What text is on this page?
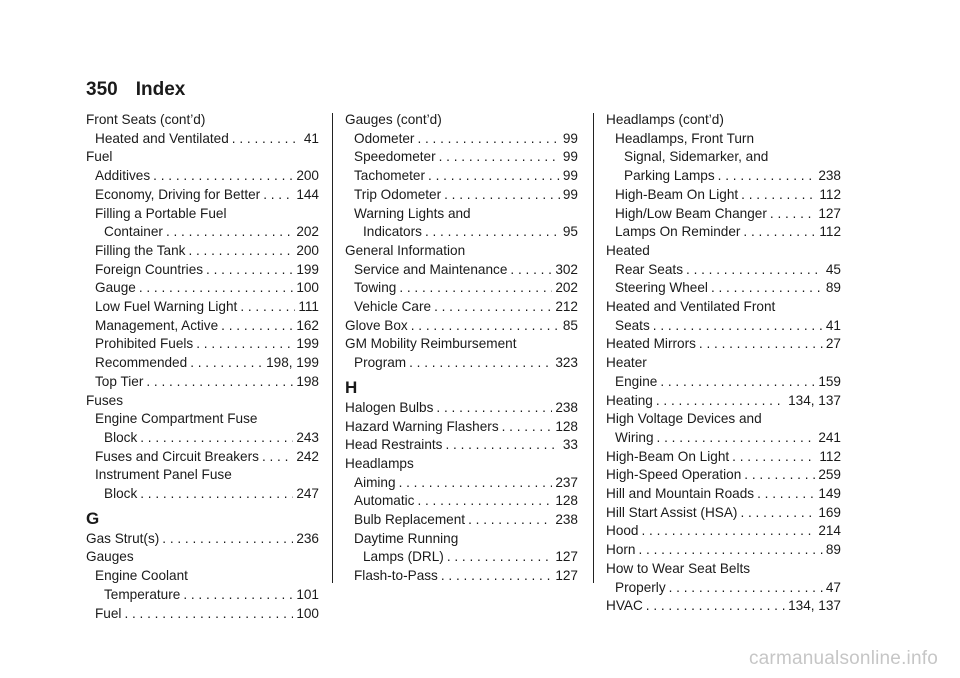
350 Index
Front Seats (cont’d)
Heated and Ventilated . . .	41
Fuel
Additives . . .	200
Economy, Driving for Better . . .	144
Filling a Portable Fuel
Container . . .	202
Filling the Tank . . .	200
Foreign Countries . . .	199
Gauge . . .	100
Low Fuel Warning Light . . .	111
Management, Active . . .	162
Prohibited Fuels . . .	199
Recommended . . .	198, 199
Top Tier . . .	198
Fuses
Engine Compartment Fuse
Block . . .	243
Fuses and Circuit Breakers . . .	242
Instrument Panel Fuse
Block . . .	247
G
Gas Strut(s) . . .	236
Gauges
Engine Coolant
Temperature . . .	101
Fuel . . .	100
Gauges (cont’d)
Odometer . . .	99
Speedometer . . .	99
Tachometer . . .	99
Trip Odometer . . .	99
Warning Lights and
Indicators . . .	95
General Information
Service and Maintenance . . .	302
Towing . . .	202
Vehicle Care . . .	212
Glove Box . . .	85
GM Mobility Reimbursement
Program . . .	323
H
Halogen Bulbs . . .	238
Hazard Warning Flashers . . .	128
Head Restraints . . .	33
Headlamps
Aiming . . .	237
Automatic . . .	128
Bulb Replacement . . .	238
Daytime Running
Lamps (DRL) . . .	127
Flash-to-Pass . . .	127
Headlamps (cont’d)
Headlamps, Front Turn
Signal, Sidemarker, and
Parking Lamps . . .	238
High-Beam On Light . . .	112
High/Low Beam Changer . . .	127
Lamps On Reminder . . .	112
Heated
Rear Seats . . .	45
Steering Wheel . . .	89
Heated and Ventilated Front
Seats . . .	41
Heated Mirrors . . .	27
Heater
Engine . . .	159
Heating . . .	134, 137
High Voltage Devices and
Wiring . . .	241
High-Beam On Light . . .	112
High-Speed Operation . . .	259
Hill and Mountain Roads . . .	149
Hill Start Assist (HSA) . . .	169
Hood . . .	214
Horn . . .	89
How to Wear Seat Belts
Properly . . .	47
HVAC . . .	134, 137
carmanualsonline.info
